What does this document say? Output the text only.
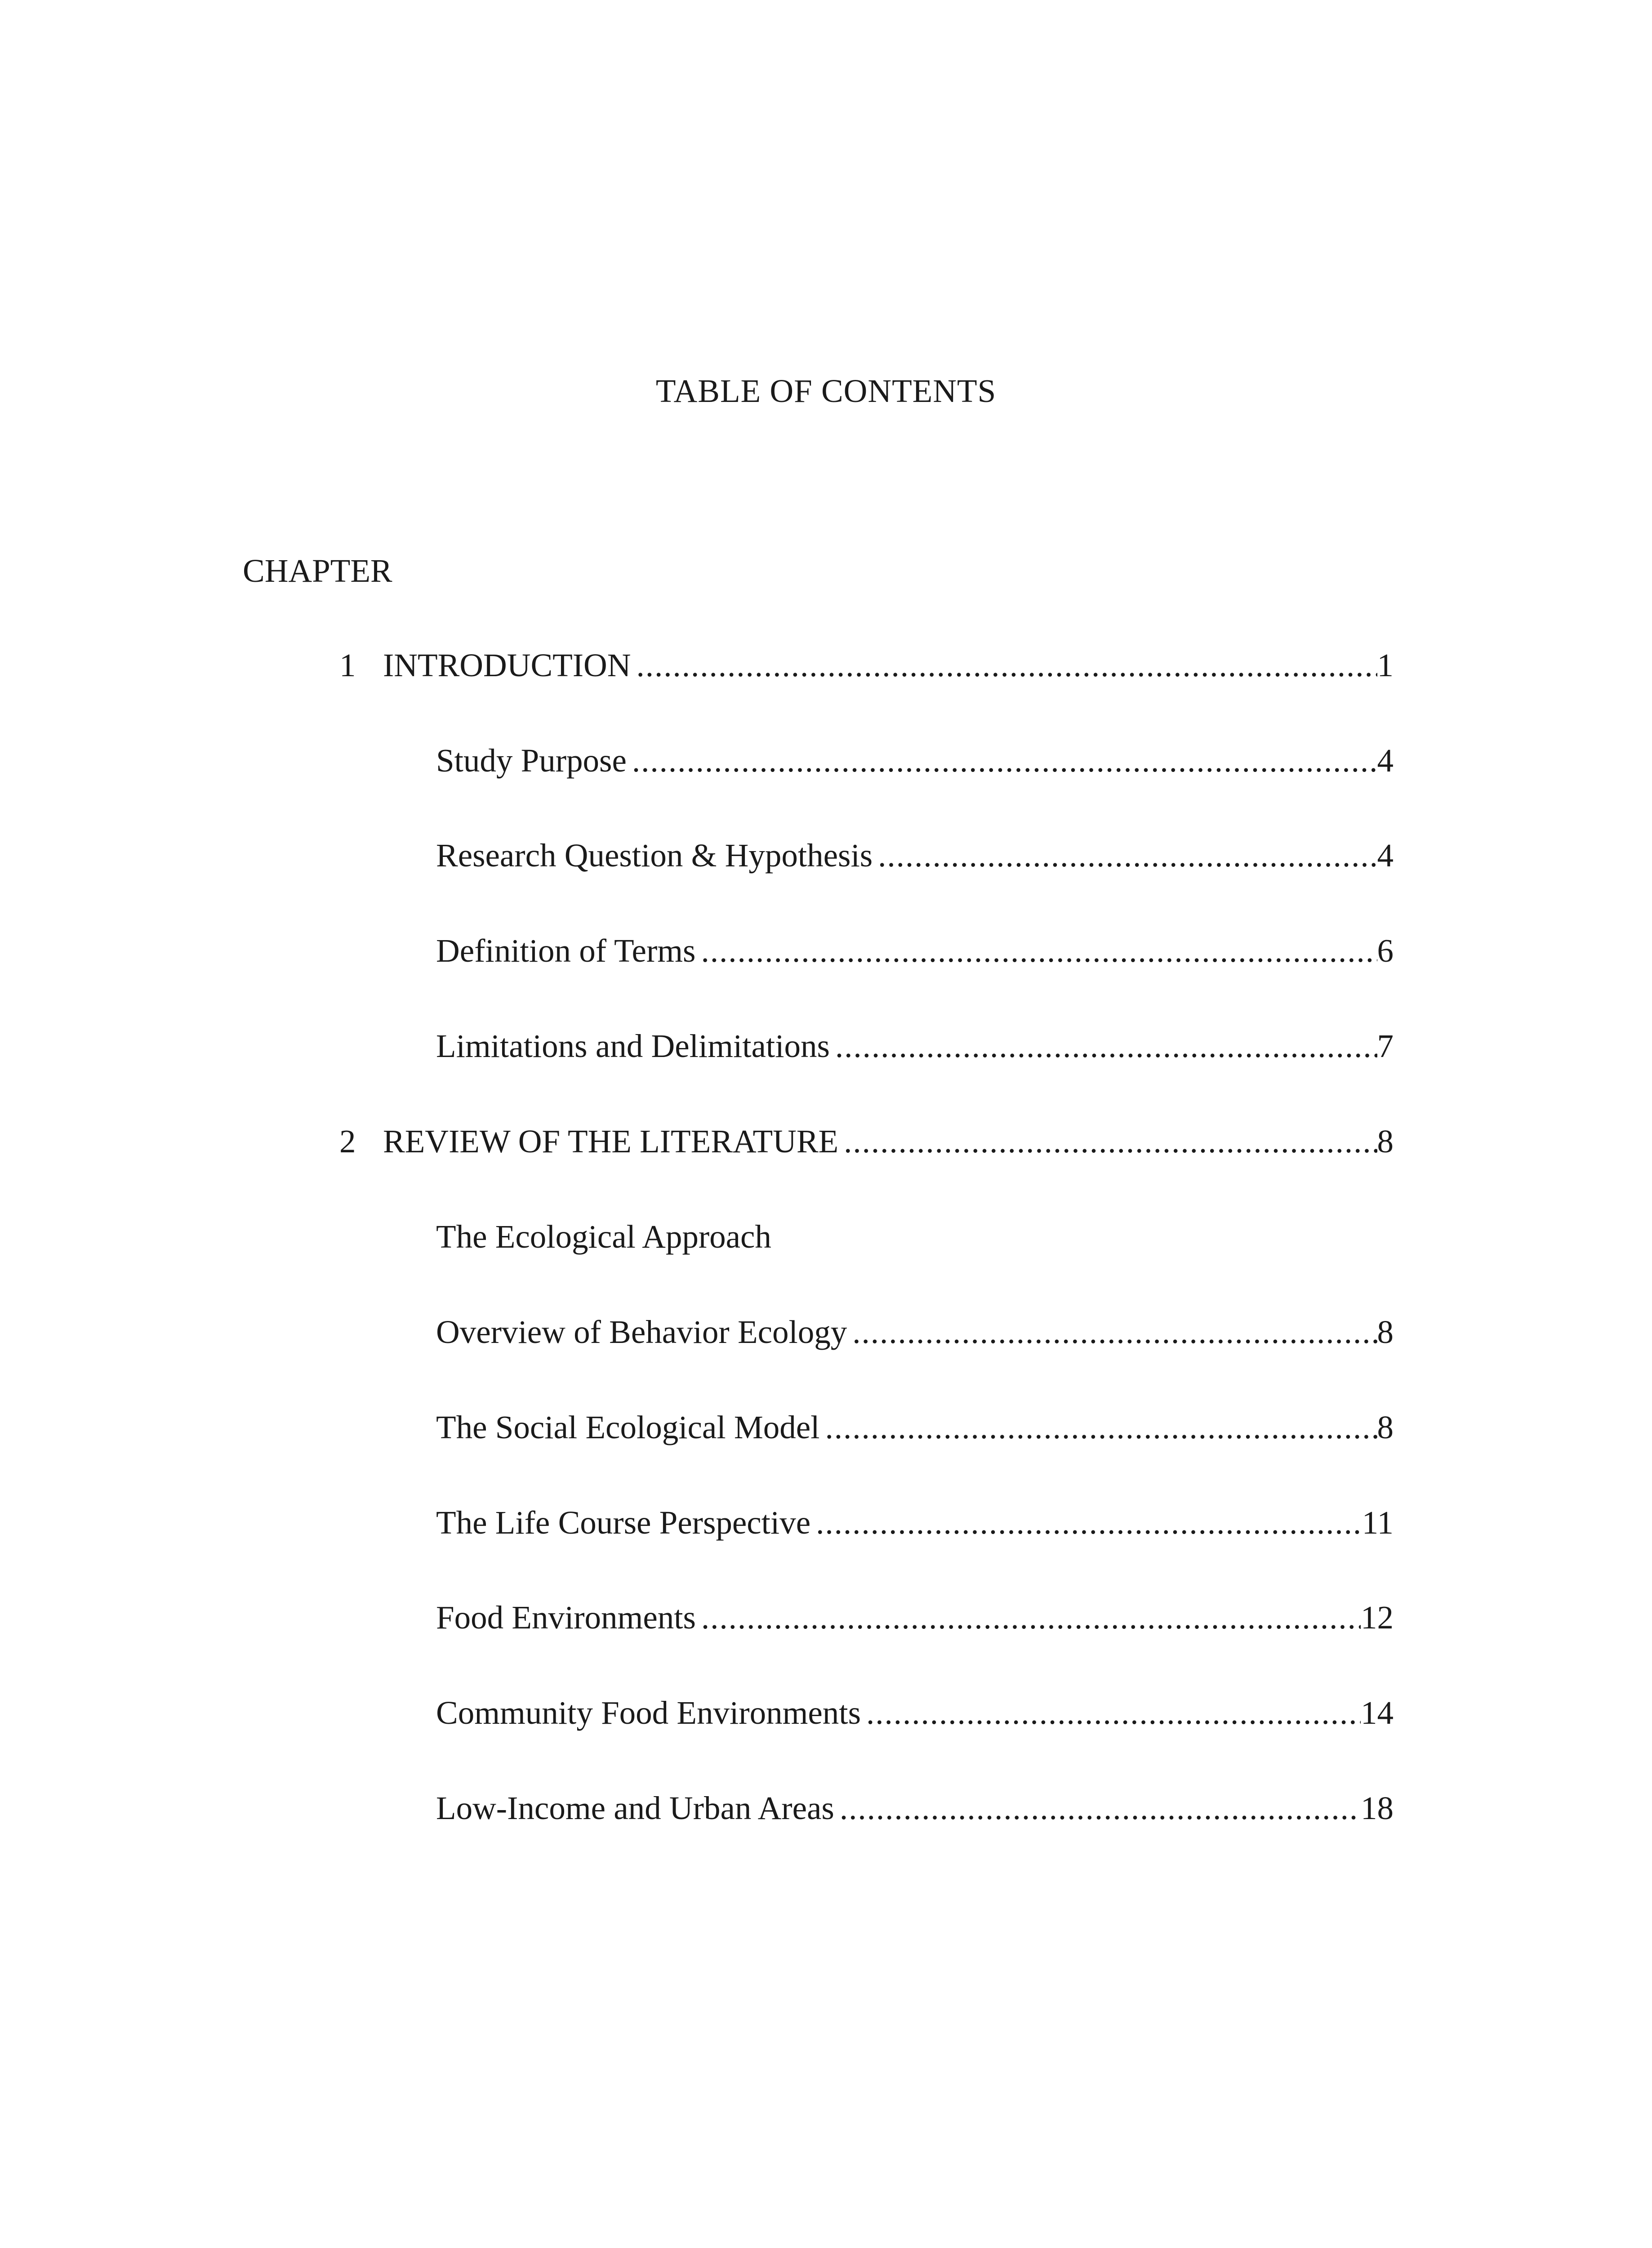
TABLE OF CONTENTS
CHAPTER
1 INTRODUCTION .....	1
Study Purpose .....	4
Research Question & Hypothesis .....	4
Definition of Terms .....	6
Limitations and Delimitations .....	7
2 REVIEW OF THE LITERATURE .....	8
The Ecological Approach
Overview of Behavior Ecology .....	8
The Social Ecological Model .....	8
The Life Course Perspective .....	11
Food Environments .....	12
Community Food Environments .....	14
Low-Income and Urban Areas .....	18
